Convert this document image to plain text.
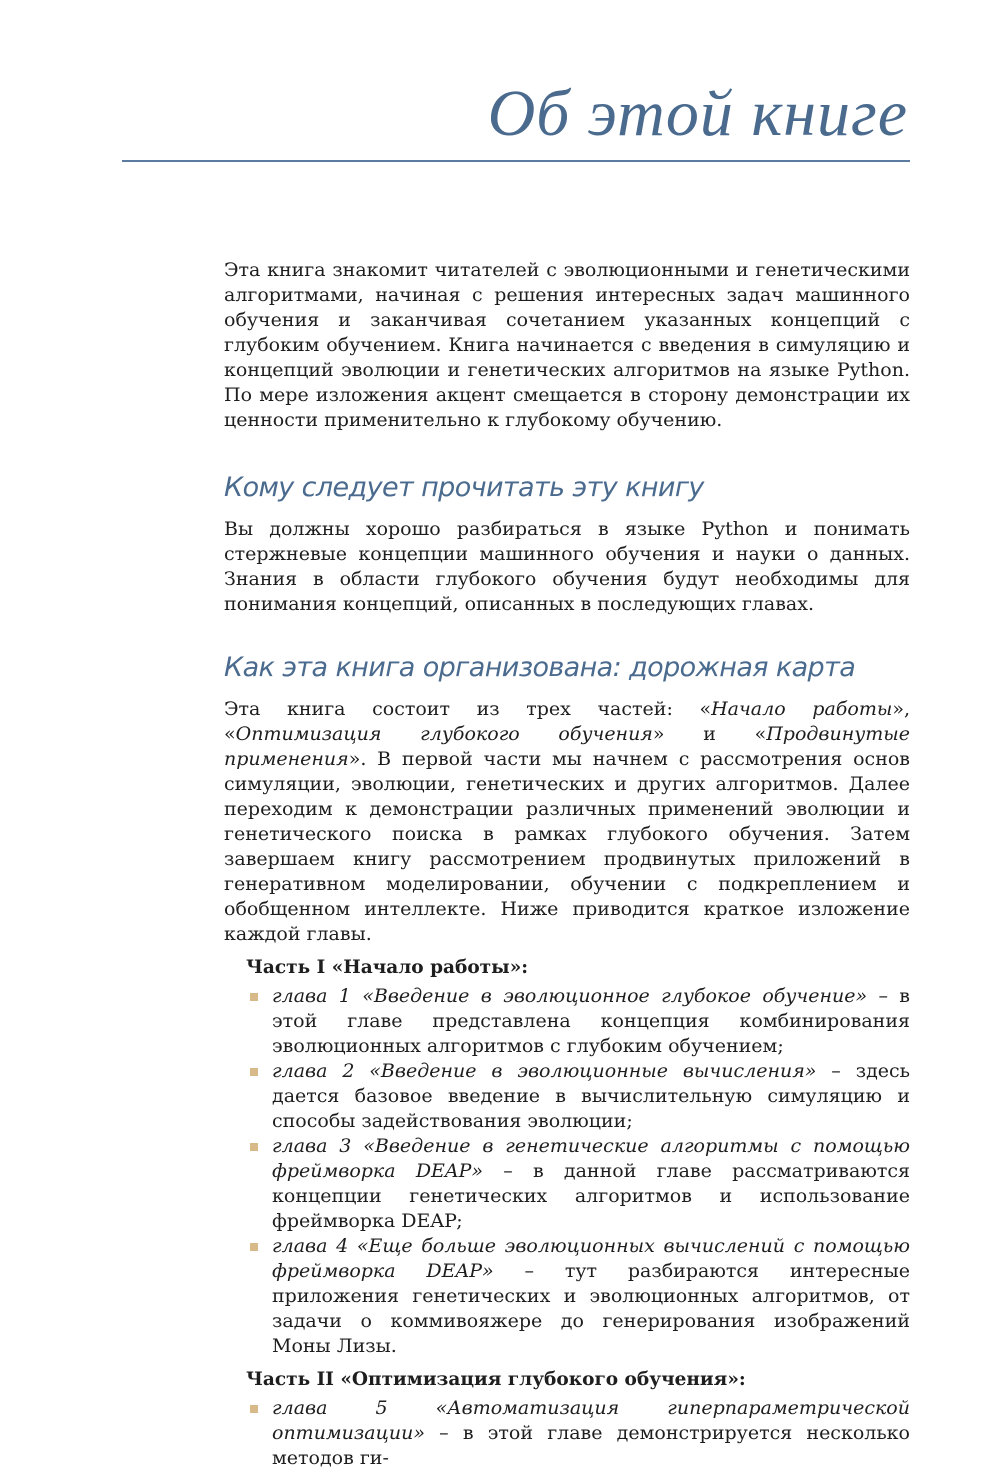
Об этой книге

Эта книга знакомит читателей с эволюционными и генетическими алгоритмами, начиная с решения интересных задач машинного обучения и заканчивая сочетанием указанных концепций с глубоким обучением. Книга начинается с введения в симуляцию и концепций эволюции и генетических алгоритмов на языке Python. По мере изложения акцент смещается в сторону демонстрации их ценности применительно к глубокому обучению.

Кому следует прочитать эту книгу

Вы должны хорошо разбираться в языке Python и понимать стержневые концепции машинного обучения и науки о данных. Знания в области глубокого обучения будут необходимы для понимания концепций, описанных в последующих главах.

Как эта книга организована: дорожная карта

Эта книга состоит из трех частей: «Начало работы», «Оптимизация глубокого обучения» и «Продвинутые применения». В первой части мы начнем с рассмотрения основ симуляции, эволюции, генетических и других алгоритмов. Далее переходим к демонстрации различных применений эволюции и генетического поиска в рамках глубокого обучения. Затем завершаем книгу рассмотрением продвинутых приложений в генеративном моделировании, обучении с подкреплением и обобщенном интеллекте. Ниже приводится краткое изложение каждой главы.

Часть I «Начало работы»:
глава 1 «Введение в эволюционное глубокое обучение» – в этой главе представлена концепция комбинирования эволюционных алгоритмов с глубоким обучением;
глава 2 «Введение в эволюционные вычисления» – здесь дается базовое введение в вычислительную симуляцию и способы задействования эволюции;
глава 3 «Введение в генетические алгоритмы с помощью фреймворка DEAP» – в данной главе рассматриваются концепции генетических алгоритмов и использование фреймворка DEAP;
глава 4 «Еще больше эволюционных вычислений с помощью фреймворка DEAP» – тут разбираются интересные приложения генетических и эволюционных алгоритмов, от задачи о коммивояжере до генерирования изображений Моны Лизы.
Часть II «Оптимизация глубокого обучения»:
глава 5 «Автоматизация гиперпараметрической оптимизации» – в этой главе демонстрируется несколько методов ги-
